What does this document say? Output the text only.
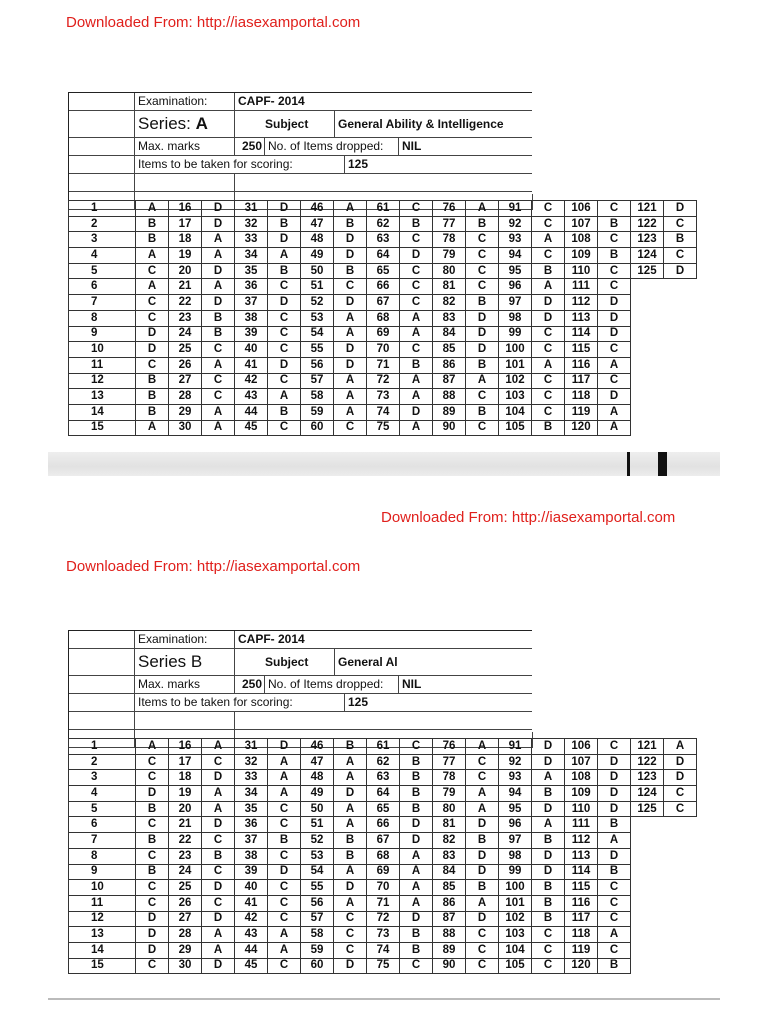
Downloaded From: http://iasexamportal.com
Examination:	CAPF- 2014
Series: A	Subject	General Ability & Intelligence
Max. marks	250 No. of Items dropped:	NIL
Items to be taken for scoring:	125
1	A	16	D	31	D	46	A	61	C	76	A	91	C	106	C	121	D
2	B	17	D	32	B	47	B	62	B	77	B	92	C	107	B	122	C
3	B	18	A	33	D	48	D	63	C	78	C	93	A	108	C	123	B
4	A	19	A	34	A	49	D	64	D	79	C	94	C	109	B	124	C
5	C	20	D	35	B	50	B	65	C	80	C	95	B	110	C	125	D
6	A	21	A	36	C	51	C	66	C	81	C	96	A	111	C		
7	C	22	D	37	D	52	D	67	C	82	B	97	D	112	D		
8	C	23	B	38	C	53	A	68	A	83	D	98	D	113	D		
9	D	24	B	39	C	54	A	69	A	84	D	99	C	114	D		
10	D	25	C	40	C	55	D	70	C	85	D	100	C	115	C		
11	C	26	A	41	D	56	D	71	B	86	B	101	A	116	A		
12	B	27	C	42	C	57	A	72	A	87	A	102	C	117	C		
13	B	28	C	43	A	58	A	73	A	88	C	103	C	118	D		
14	B	29	A	44	B	59	A	74	D	89	B	104	C	119	A		
15	A	30	A	45	C	60	C	75	A	90	C	105	B	120	A		
Downloaded From: http://iasexamportal.com
Downloaded From: http://iasexamportal.com
Examination:	CAPF- 2014
Series B	Subject	General Al
Max. marks	250 No. of Items dropped:	NIL
Items to be taken for scoring:	125
1	A	16	A	31	D	46	B	61	C	76	A	91	D	106	C	121	A
2	C	17	C	32	A	47	A	62	B	77	C	92	D	107	D	122	D
3	C	18	D	33	A	48	A	63	B	78	C	93	A	108	D	123	D
4	D	19	A	34	A	49	D	64	B	79	A	94	B	109	D	124	C
5	B	20	A	35	C	50	A	65	B	80	A	95	D	110	D	125	C
6	C	21	D	36	C	51	A	66	D	81	D	96	A	111	B		
7	B	22	C	37	B	52	B	67	D	82	B	97	B	112	A		
8	C	23	B	38	C	53	B	68	A	83	D	98	D	113	D		
9	B	24	C	39	D	54	A	69	A	84	D	99	D	114	B		
10	C	25	D	40	C	55	D	70	A	85	B	100	B	115	C		
11	C	26	C	41	C	56	A	71	A	86	A	101	B	116	C		
12	D	27	D	42	C	57	C	72	D	87	D	102	B	117	C		
13	D	28	A	43	A	58	C	73	B	88	C	103	C	118	A		
14	D	29	A	44	A	59	C	74	B	89	C	104	C	119	C		
15	C	30	D	45	C	60	D	75	C	90	C	105	C	120	B		
